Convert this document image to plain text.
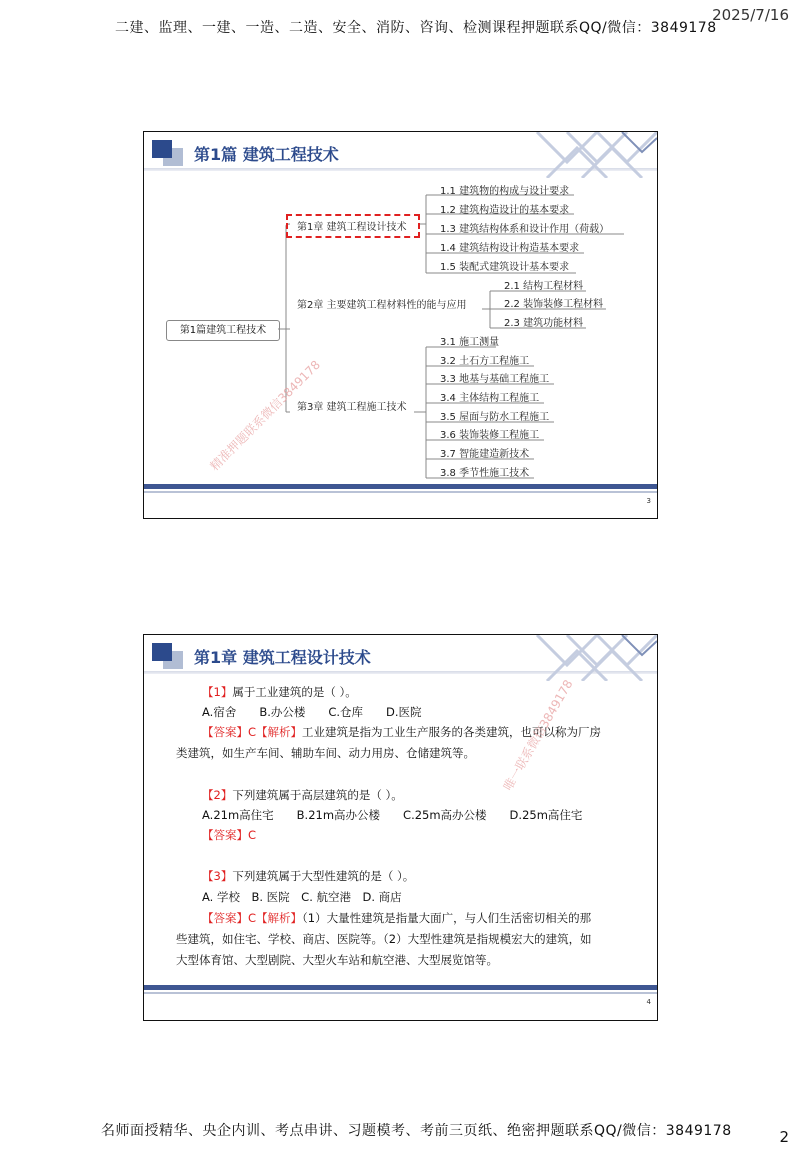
二建、监理、一建、一造、二造、安全、消防、咨询、检测课程押题联系QQ/微信：3849178
2025/7/16
第1篇 建筑工程技术
第1篇建筑工程技术
第1章 建筑工程设计技术
第2章 主要建筑工程材料性的能与应用
第3章 建筑工程施工技术
1.1 建筑物的构成与设计要求
1.2 建筑构造设计的基本要求
1.3 建筑结构体系和设计作用（荷载）
1.4 建筑结构设计构造基本要求
1.5 装配式建筑设计基本要求
2.1 结构工程材料
2.2 装饰装修工程材料
2.3 建筑功能材料
3.1 施工测量
3.2 土石方工程施工
3.3 地基与基础工程施工
3.4 主体结构工程施工
3.5 屋面与防水工程施工
3.6 装饰装修工程施工
3.7 智能建造新技术
3.8 季节性施工技术
精准押题联系微信3849178
3
第1章 建筑工程设计技术
【1】属于工业建筑的是（ ）。
A.宿舍　　B.办公楼　　C.仓库　　D.医院
【答案】C【解析】工业建筑是指为工业生产服务的各类建筑，也可以称为厂房
类建筑，如生产车间、辅助车间、动力用房、仓储建筑等。
【2】下列建筑属于高层建筑的是（ ）。
A.21m高住宅　　B.21m高办公楼　　C.25m高办公楼　　D.25m高住宅
【答案】C
【3】下列建筑属于大型性建筑的是（ ）。
A. 学校　B. 医院　C. 航空港　D. 商店
【答案】C【解析】（1）大量性建筑是指量大面广，与人们生活密切相关的那
些建筑，如住宅、学校、商店、医院等。（2）大型性建筑是指规模宏大的建筑，如
大型体育馆、大型剧院、大型火车站和航空港、大型展览馆等。
唯一联系微信3849178
4
名师面授精华、央企内训、考点串讲、习题模考、考前三页纸、绝密押题联系QQ/微信：3849178	2
